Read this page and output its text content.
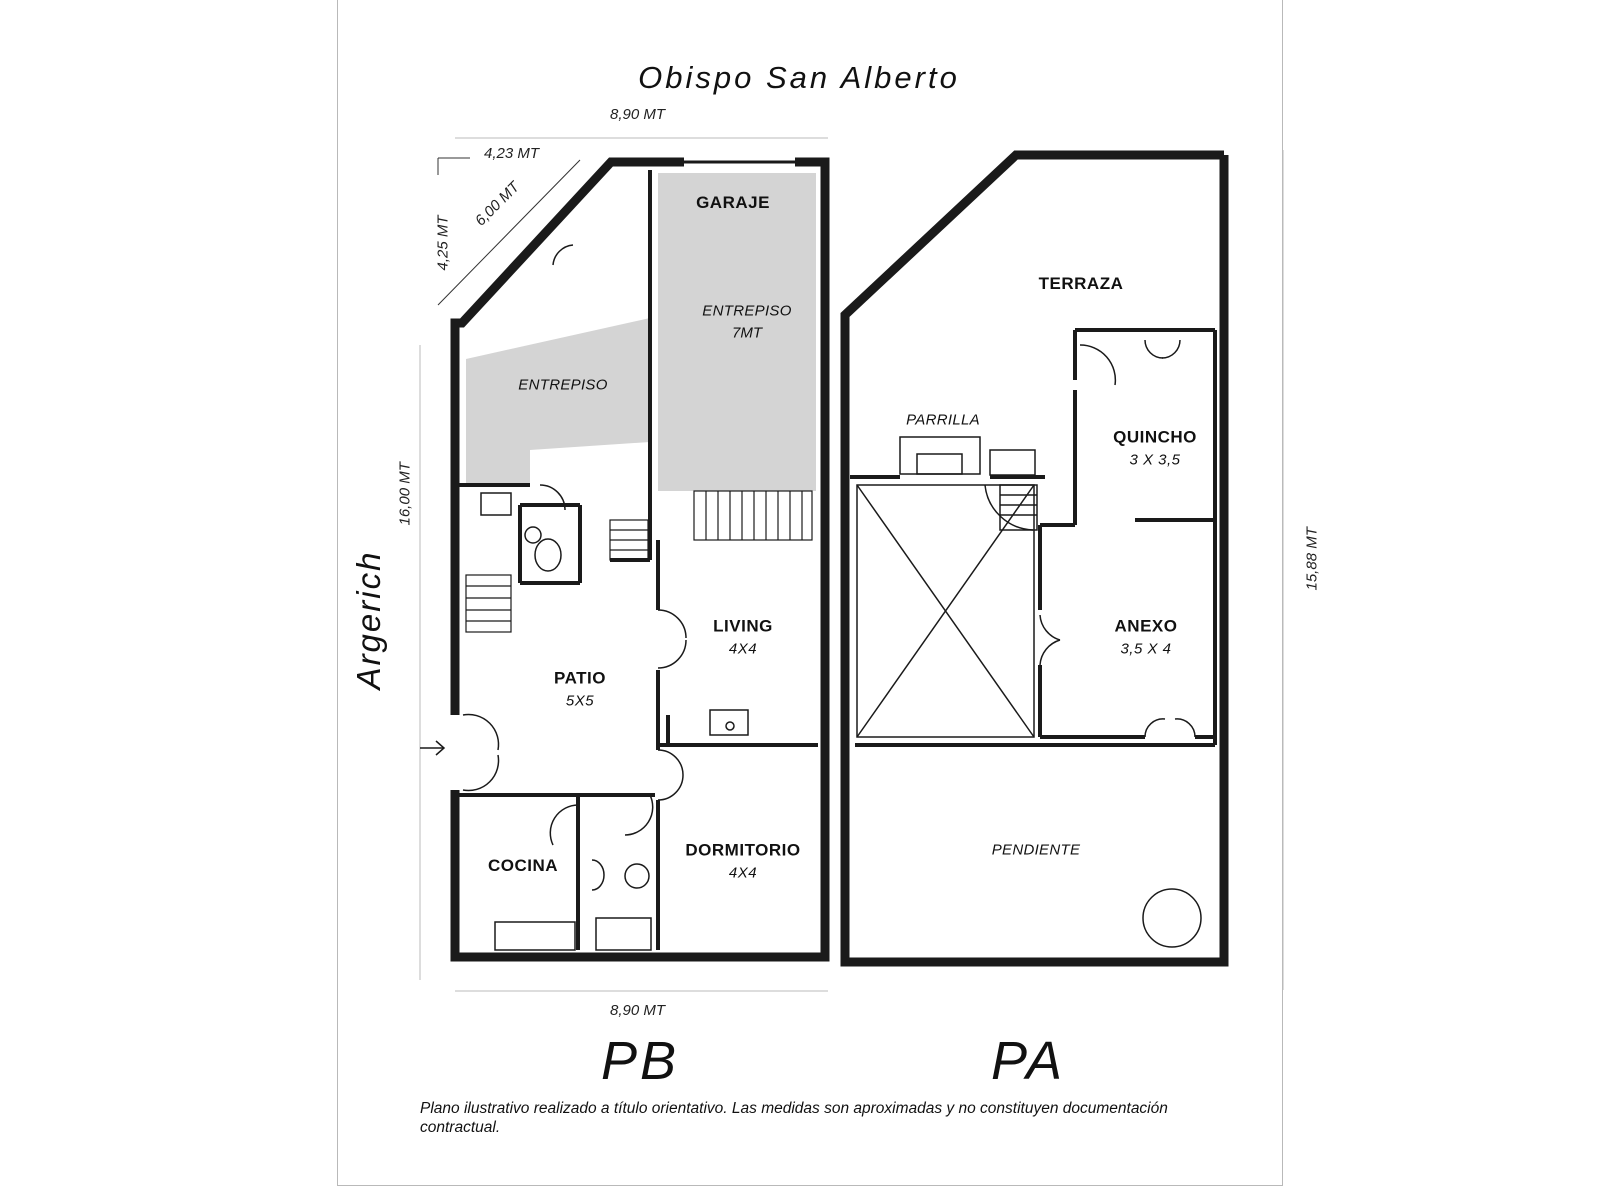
Obispo San Alberto
Argerich
8,90 MT
4,23 MT
6,00 MT
4,25 MT
16,00 MT
15,88 MT
8,90 MT
GARAJE
ENTREPISO
7MT
ENTREPISO
LIVING
4X4
PATIO
5X5
COCINA
DORMITORIO
4X4
TERRAZA
PARRILLA
QUINCHO
3 X 3,5
ANEXO
3,5 X 4
PENDIENTE
PB	PA
Plano ilustrativo realizado a título orientativo. Las medidas son aproximadas y no constituyen documentación contractual.
